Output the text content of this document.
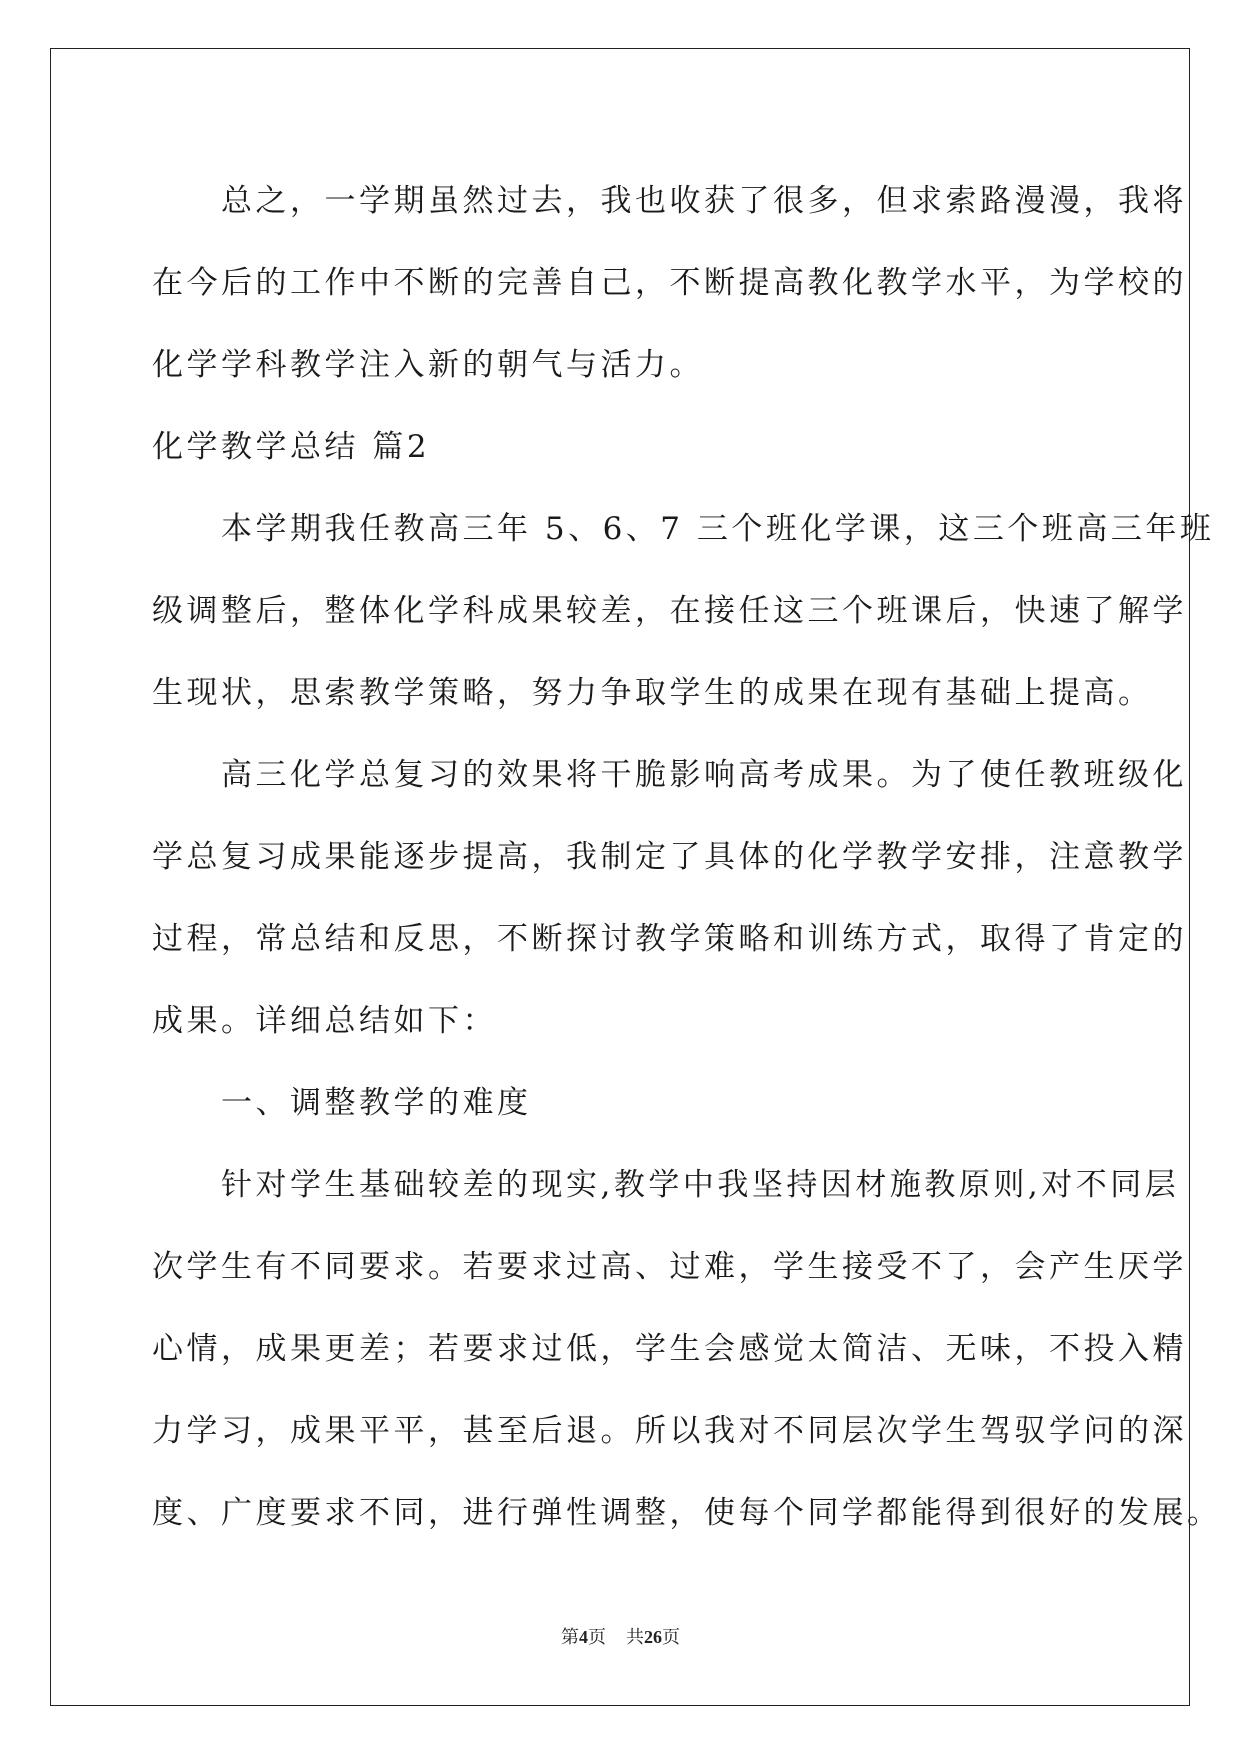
总之，一学期虽然过去，我也收获了很多，但求索路漫漫，我将
在今后的工作中不断的完善自己，不断提高教化教学水平，为学校的
化学学科教学注入新的朝气与活力。

化学教学总结 篇2

本学期我任教高三年 5、6、7 三个班化学课，这三个班高三年班
级调整后，整体化学科成果较差，在接任这三个班课后，快速了解学
生现状，思索教学策略，努力争取学生的成果在现有基础上提高。

高三化学总复习的效果将干脆影响高考成果。为了使任教班级化
学总复习成果能逐步提高，我制定了具体的化学教学安排，注意教学
过程，常总结和反思，不断探讨教学策略和训练方式，取得了肯定的
成果。详细总结如下：

一、调整教学的难度

针对学生基础较差的现实,教学中我坚持因材施教原则,对不同层
次学生有不同要求。若要求过高、过难，学生接受不了，会产生厌学
心情，成果更差；若要求过低，学生会感觉太简洁、无味，不投入精
力学习，成果平平，甚至后退。所以我对不同层次学生驾驭学问的深
度、广度要求不同，进行弹性调整，使每个同学都能得到很好的发展。

第4页 共26页
